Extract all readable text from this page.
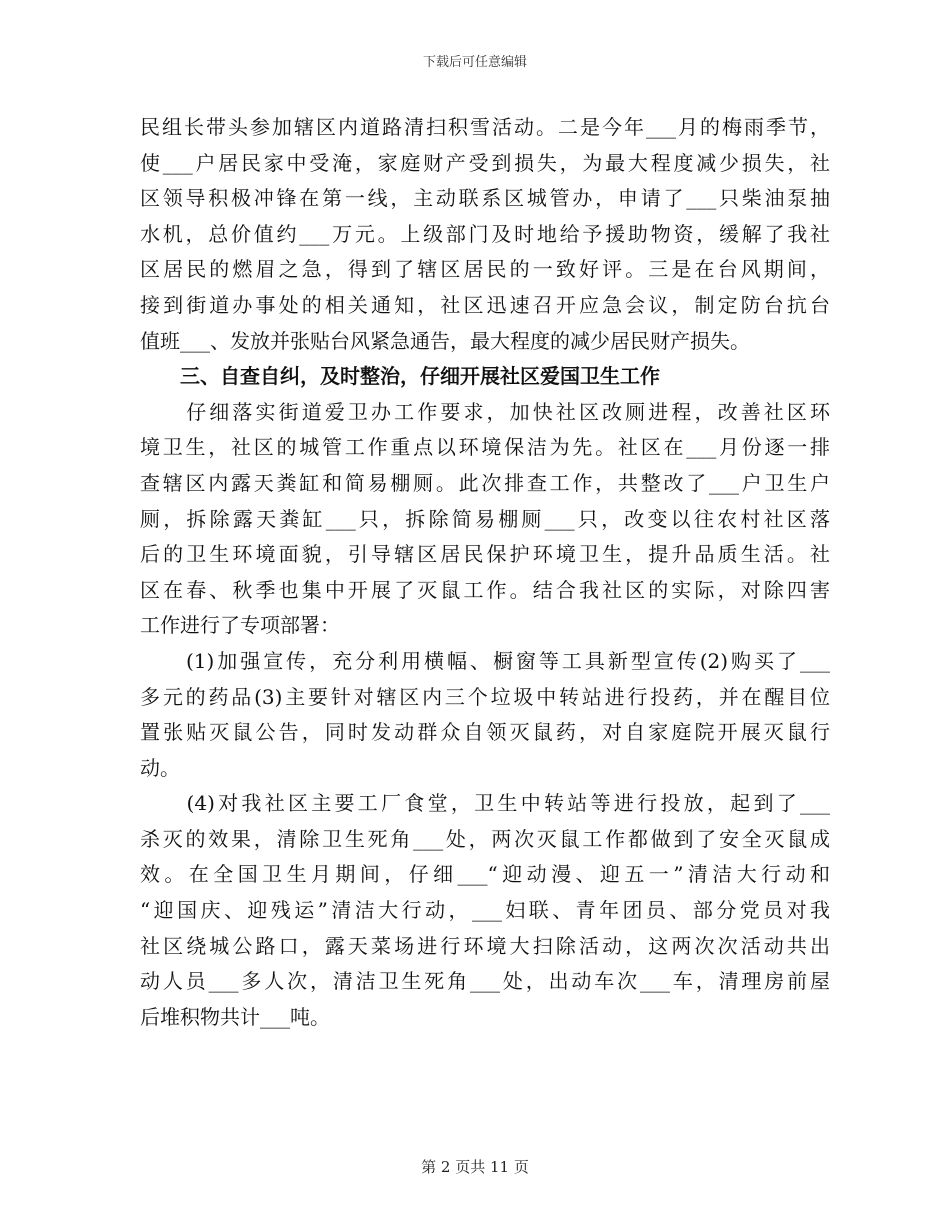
下载后可任意编辑
民组长带头参加辖区内道路清扫积雪活动。二是今年___月的梅雨季节，
使___户居民家中受淹，家庭财产受到损失，为最大程度减少损失，社
区领导积极冲锋在第一线，主动联系区城管办，申请了___只柴油泵抽
水机，总价值约___万元。上级部门及时地给予援助物资，缓解了我社
区居民的燃眉之急，得到了辖区居民的一致好评。三是在台风期间，
接到街道办事处的相关通知，社区迅速召开应急会议，制定防台抗台
值班___、发放并张贴台风紧急通告，最大程度的减少居民财产损失。
　　三、自查自纠，及时整治，仔细开展社区爱国卫生工作
　　仔细落实街道爱卫办工作要求，加快社区改厕进程，改善社区环
境卫生，社区的城管工作重点以环境保洁为先。社区在___月份逐一排
查辖区内露天粪缸和简易棚厕。此次排查工作，共整改了___户卫生户
厕，拆除露天粪缸___只，拆除简易棚厕___只，改变以往农村社区落
后的卫生环境面貌，引导辖区居民保护环境卫生，提升品质生活。社
区在春、秋季也集中开展了灭鼠工作。结合我社区的实际，对除四害
工作进行了专项部署：
　　(1)加强宣传，充分利用横幅、橱窗等工具新型宣传(2)购买了___
多元的药品(3)主要针对辖区内三个垃圾中转站进行投药，并在醒目位
置张贴灭鼠公告，同时发动群众自领灭鼠药，对自家庭院开展灭鼠行
动。
　　(4)对我社区主要工厂食堂，卫生中转站等进行投放，起到了___
杀灭的效果，清除卫生死角___处，两次灭鼠工作都做到了安全灭鼠成
效。在全国卫生月期间，仔细___“迎动漫、迎五一”清洁大行动和
“迎国庆、迎残运”清洁大行动，___妇联、青年团员、部分党员对我
社区绕城公路口，露天菜场进行环境大扫除活动，这两次次活动共出
动人员___多人次，清洁卫生死角___处，出动车次___车，清理房前屋
后堆积物共计___吨。
第 2 页共 11 页
